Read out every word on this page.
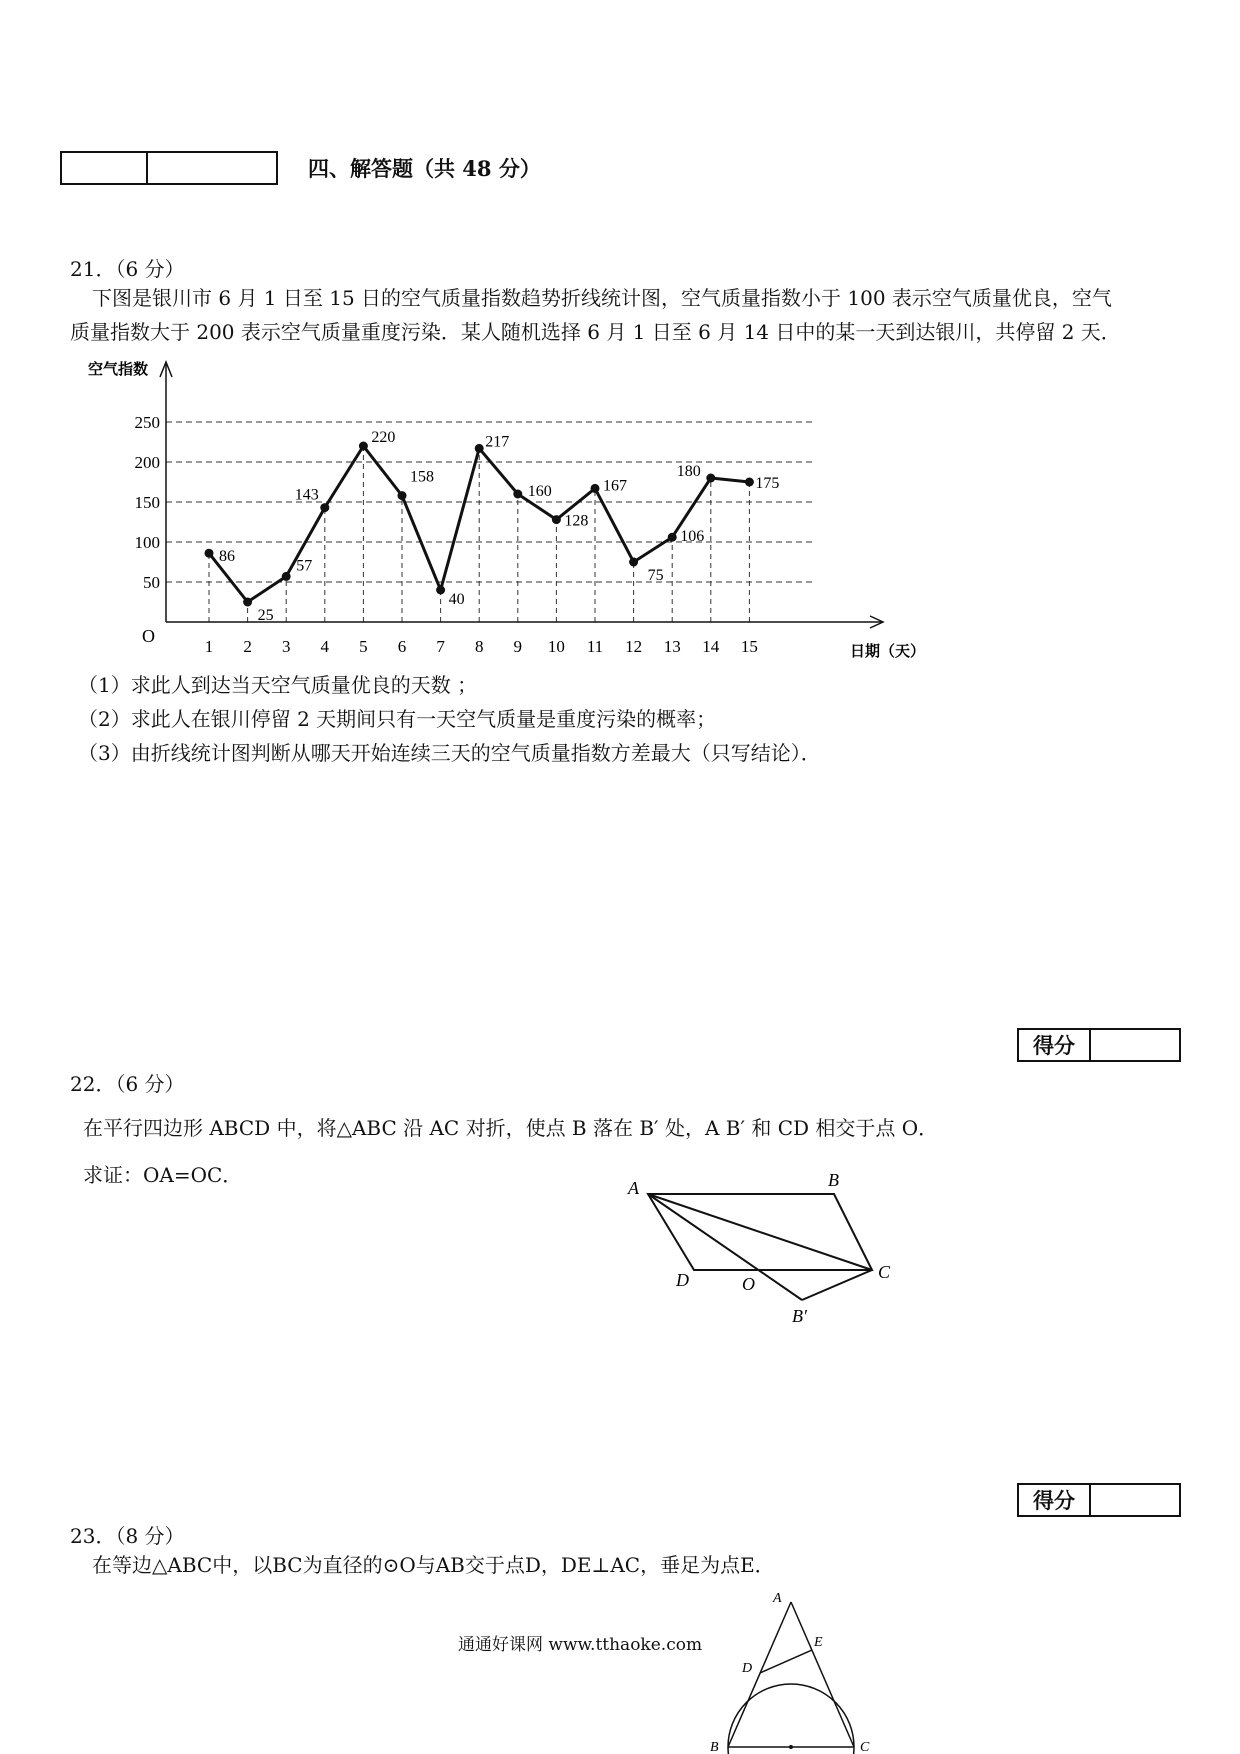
四、解答题（共 48 分）
21．（6 分）
下图是银川市 6 月 1 日至 15 日的空气质量指数趋势折线统计图，空气质量指数小于 100 表示空气质量优良，空气
质量指数大于 200 表示空气质量重度污染．某人随机选择 6 月 1 日至 6 月 14 日中的某一天到达银川，共停留 2 天．
50
100
150
200
250
1 2 3 4 5 6 7 8 9 10 11 12 13 14 15
空气指数
日期（天）
O
86
25
57
143
220
158
40
217
160
128
167
75
106
180
175
（1）求此人到达当天空气质量优良的天数 ；
（2）求此人在银川停留 2 天期间只有一天空气质量是重度污染的概率；
（3）由折线统计图判断从哪天开始连续三天的空气质量指数方差最大（只写结论）．
得分	
22．（6 分）
在平行四边形 ABCD 中，将△ABC 沿 AC 对折，使点 B 落在 B′ 处，A B′ 和 CD 相交于点 O．
求证：OA=OC．
A	B
C
D	O
B′
得分	
23．（8 分）
在等边△ABC中，以BC为直径的⊙O与AB交于点D，DE⊥AC，垂足为点E．
通通好课网 www.tthaoke.com
A
E
D
B	C
